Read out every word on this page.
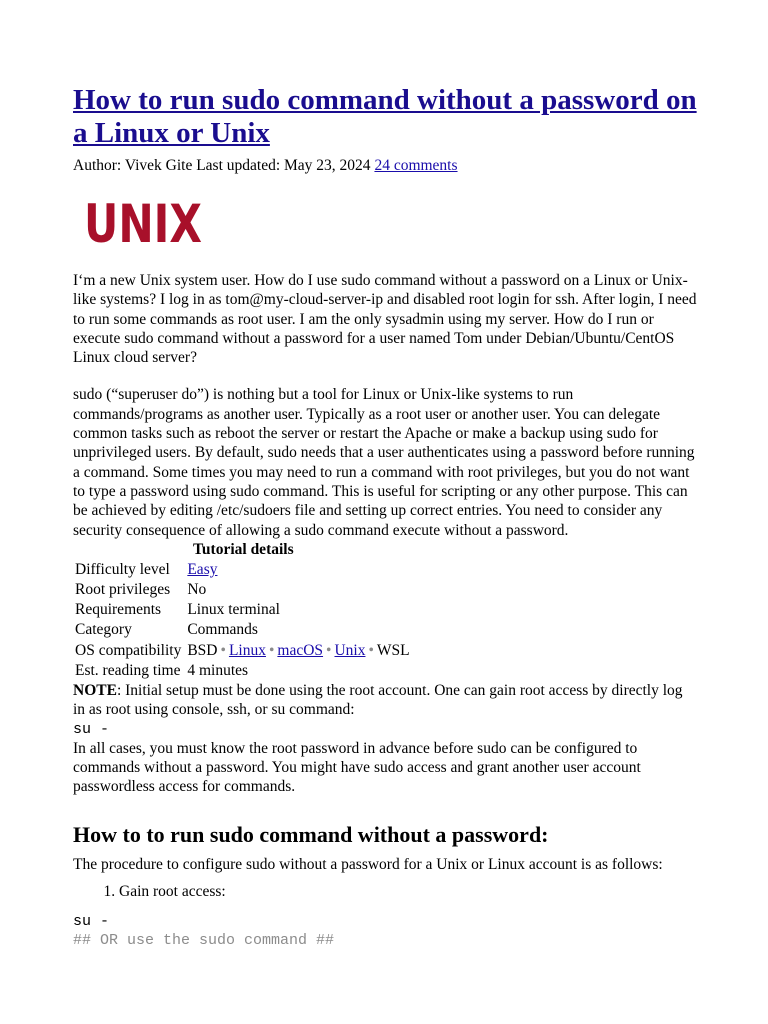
How to run sudo command without a password on a Linux or Unix
Author: Vivek Gite Last updated: May 23, 2024 24 comments
UNIX

I‘m a new Unix system user. How do I use sudo command without a password on a Linux or Unix-like systems? I log in as tom@my-cloud-server-ip and disabled root login for ssh. After login, I need to run some commands as root user. I am the only sysadmin using my server. How do I run or execute sudo command without a password for a user named Tom under Debian/Ubuntu/CentOS Linux cloud server?

sudo (“superuser do”) is nothing but a tool for Linux or Unix-like systems to run commands/programs as another user. Typically as a root user or another user. You can delegate common tasks such as reboot the server or restart the Apache or make a backup using sudo for unprivileged users. By default, sudo needs that a user authenticates using a password before running a command. Some times you may need to run a command with root privileges, but you do not want to type a password using sudo command. This is useful for scripting or any other purpose. This can be achieved by editing /etc/sudoers file and setting up correct entries. You need to consider any security consequence of allowing a sudo command execute without a password.

Tutorial details
Difficulty level	Easy
Root privileges	No
Requirements	Linux terminal
Category	Commands
OS compatibility	BSD • Linux • macOS • Unix • WSL
Est. reading time	4 minutes

NOTE: Initial setup must be done using the root account. One can gain root access by directly log in as root using console, ssh, or su command:

su -

In all cases, you must know the root password in advance before sudo can be configured to commands without a password. You might have sudo access and grant another user account passwordless access for commands.

How to to run sudo command without a password:

The procedure to configure sudo without a password for a Unix or Linux account is as follows:

1. Gain root access:
su -
## OR use the sudo command ##
